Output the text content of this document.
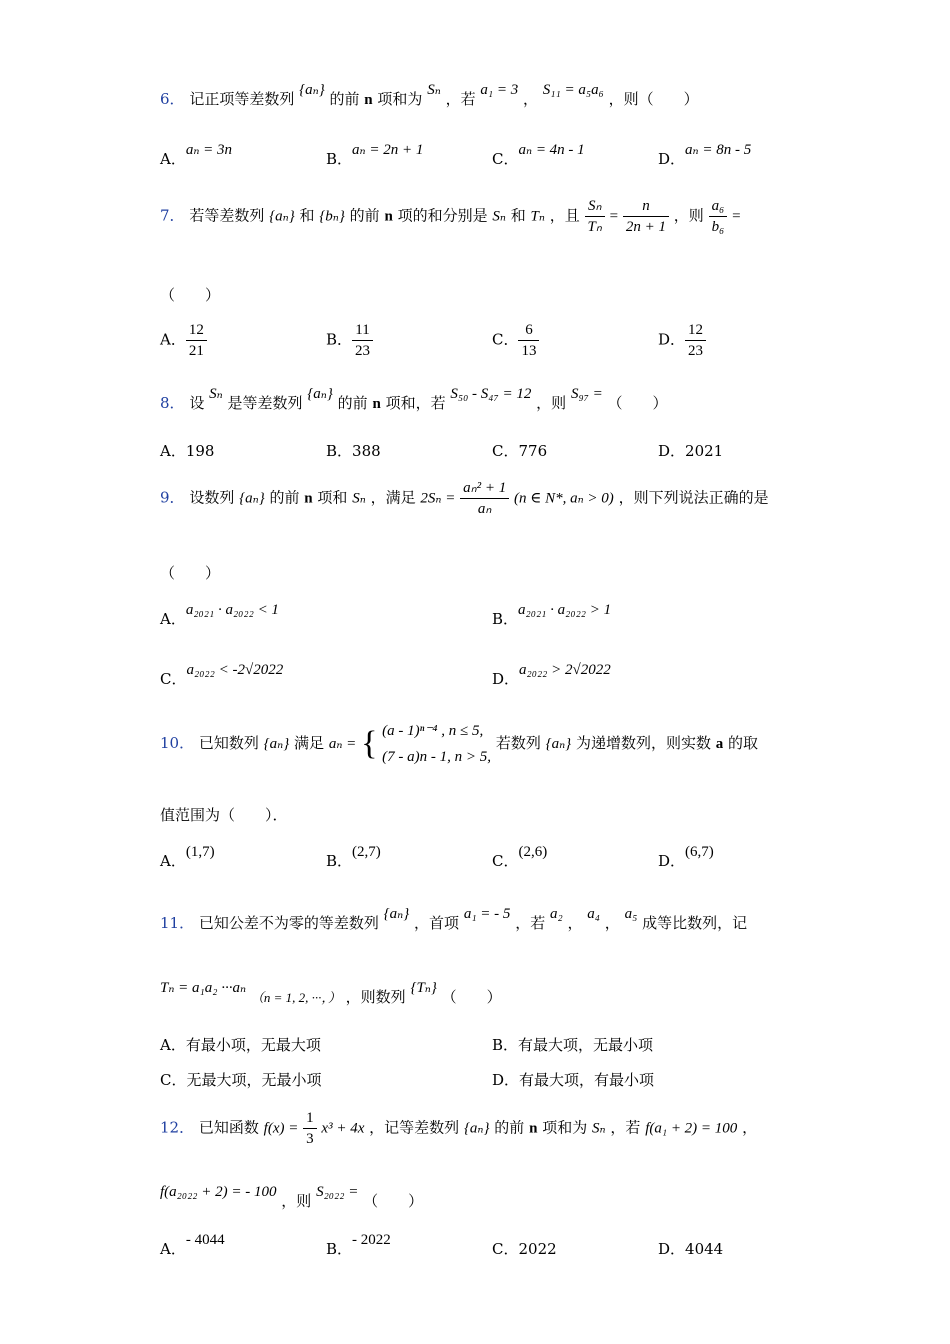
6． 记正项等差数列 {aₙ} 的前 n 项和为 Sₙ ，若 a₁ = 3 ， S₁₁ = a₅a₆ ，则（　　）
A．aₙ = 3n	B．aₙ = 2n + 1	C．aₙ = 4n - 1	D．aₙ = 8n - 5
7． 若等差数列 {aₙ} 和 {bₙ} 的前 n 项的和分别是 Sₙ 和 Tₙ ，且 $\frac{\text{Sₙ}}{\text{Tₙ}} = \frac{n}{2n + 1}$ ，则 $\frac{\text{a₆}}{\text{b₆}}$ =
（　　）
A． $\frac{12}{21}$	B． $\frac{11}{23}$	C． $\frac{6}{13}$	D． $\frac{12}{23}$
8． 设 Sₙ 是等差数列 {aₙ} 的前 n 项和，若 S₅₀ - S₄₇ = 12 ，则 S₉₇ = （　　）
A．198	B．388	C．776	D．2021
9． 设数列 {aₙ} 的前 n 项和 Sₙ ，满足 $2S_n = \frac{\text{aₙ² + 1}}{\text{aₙ}} (n$ ∈ N*, aₙ > 0) ，则下列说法正确的是
（　　）
A．a₂₀₂₁ · a₂₀₂₂ < 1	B．a₂₀₂₁ · a₂₀₂₂ > 1
C．a₂₀₂₂ < -2√2022	D．a₂₀₂₂ > 2√2022
10． 已知数列 {aₙ} 满足 aₙ = { (a - 1)ⁿ⁻⁴ , n ≤ 5,
(7 - a)n - 1, n > 5,
若数列 {aₙ} 为递增数列，则实数 a 的取
值范围为（　　）．
A．(1,7)	B．(2,7)	C．(2,6)	D．(6,7)
11． 已知公差不为零的等差数列 {aₙ} ，首项 a₁ = - 5 ，若 a₂ ， a₄ ， a₅ 成等比数列，记
Tₙ = a₁a₂ ···aₙ （n = 1, 2, ···，） ，则数列 {Tₙ} （　　）
A．有最小项，无最大项	B．有最大项，无最小项
C．无最大项，无最小项	D．有最大项，有最小项
12． 已知函数 $f(x) = \frac{1}{3} x^3 + 4x$ ，记等差数列 {aₙ} 的前 n 项和为 Sₙ ，若 f(a₁ + 2) = 100 ，
f(a₂₀₂₂ + 2) = - 100 ，则 S₂₀₂₂ = （　　）
A．- 4044	B．- 2022	C．2022	D．4044
